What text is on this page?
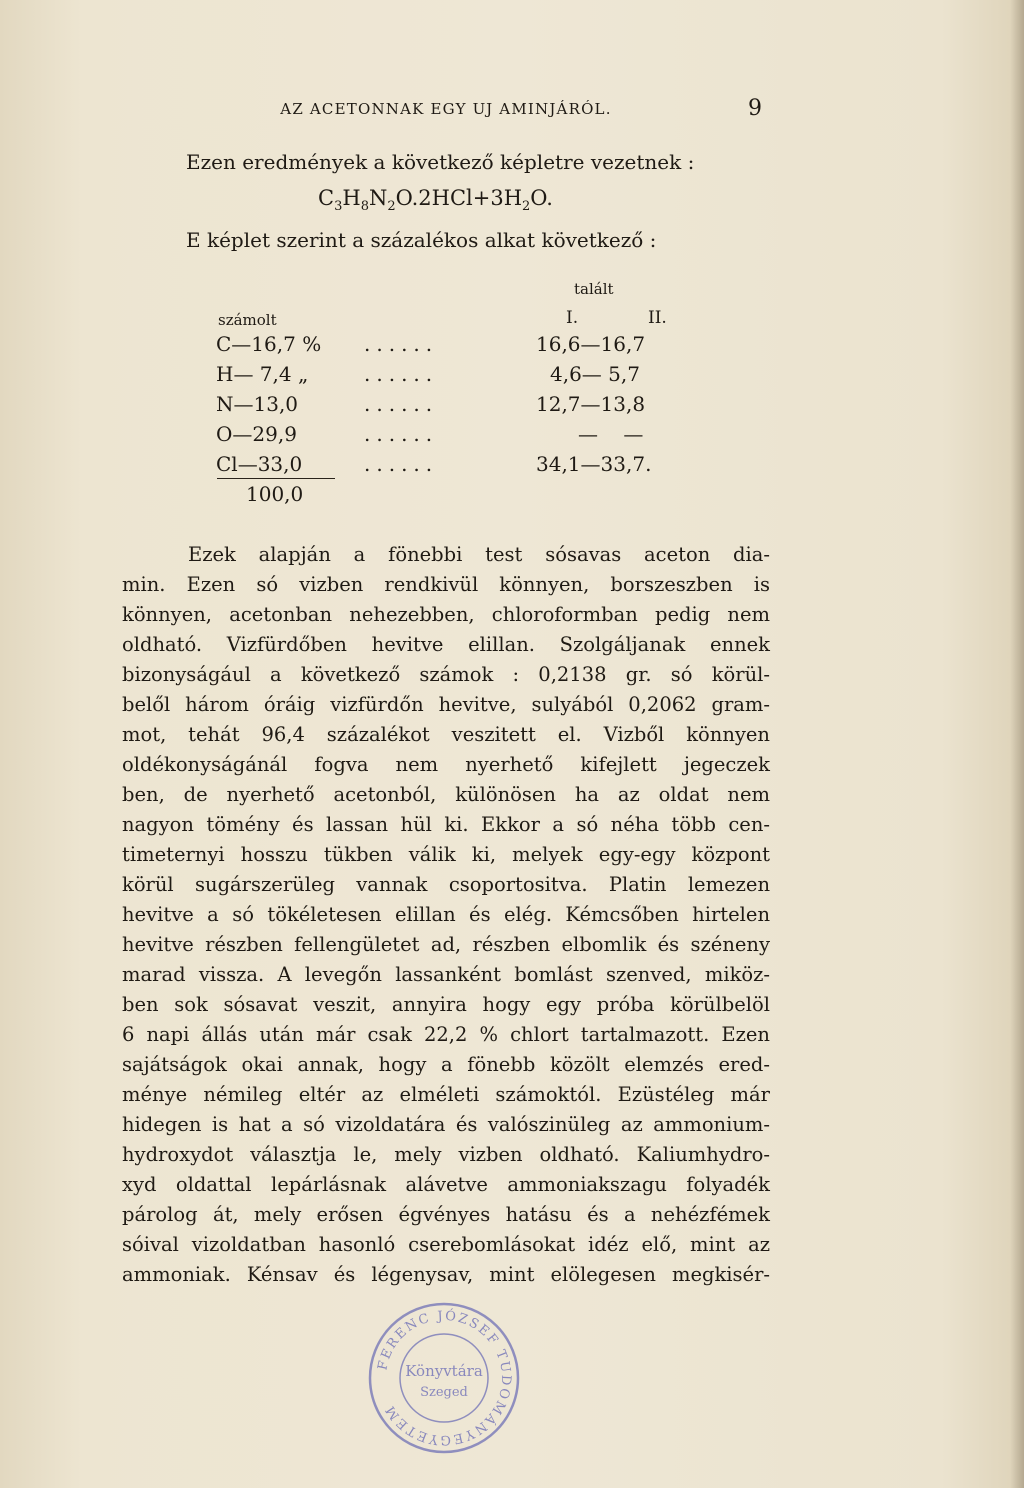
AZ ACETONNAK EGY UJ AMINJÁRÓL.	9
Ezen eredmények a következő képletre vezetnek :
$C_3H_8N_2O.2HCl+3H_2O$.
E képlet szerint a százalékos alkat következő :
talált
számolt	I.	II.
C—16,7 % ......	16,6—16,7
H— 7,4 „	......	4,6— 5,7
N—13,0	......	12,7—13,8
O—29,9	......	—    —
Cl—33,0	......	34,1—33,7.
100,0
Ezek alapján a fönebbi test sósavas aceton dia-
min. Ezen só vizben rendkivül könnyen, borszeszben is
könnyen, acetonban nehezebben, chloroformban pedig nem
oldható. Vizfürdőben hevitve elillan. Szolgáljanak ennek
bizonyságául a következő számok : 0,2138 gr. só körül-
belől három óráig vizfürdőn hevitve, sulyából 0,2062 gram-
mot, tehát 96,4 százalékot veszitett el. Vizből könnyen
oldékonyságánál fogva nem nyerhető kifejlett jegeczek
ben, de nyerhető acetonból, különösen ha az oldat nem
nagyon tömény és lassan hül ki. Ekkor a só néha több cen-
timeternyi hosszu tükben válik ki, melyek egy-egy központ
körül sugárszerüleg vannak csoportositva. Platin lemezen
hevitve a só tökéletesen elillan és elég. Kémcsőben hirtelen
hevitve részben fellengületet ad, részben elbomlik és széneny
marad vissza. A levegőn lassanként bomlást szenved, miköz-
ben sok sósavat veszit, annyira hogy egy próba körülbelöl
6 napi állás után már csak 22,2 % chlort tartalmazott. Ezen
sajátságok okai annak, hogy a fönebb közölt elemzés ered-
ménye némileg eltér az elméleti számoktól. Ezüstéleg már
hidegen is hat a só vizoldatára és valószinüleg az ammonium-
hydroxydot választja le, mely vizben oldható. Kaliumhydro-
xyd oldattal lepárlásnak alávetve ammoniakszagu folyadék
párolog át, mely erősen égvényes hatásu és a nehézfémek
sóival vizoldatban hasonló cserebomlásokat idéz elő, mint az
ammoniak. Kénsav és légenysav, mint elölegesen megkisér-
FERENC JÓZSEF TUDOMÁNYEGYETEM
Könyvtára
Szeged
